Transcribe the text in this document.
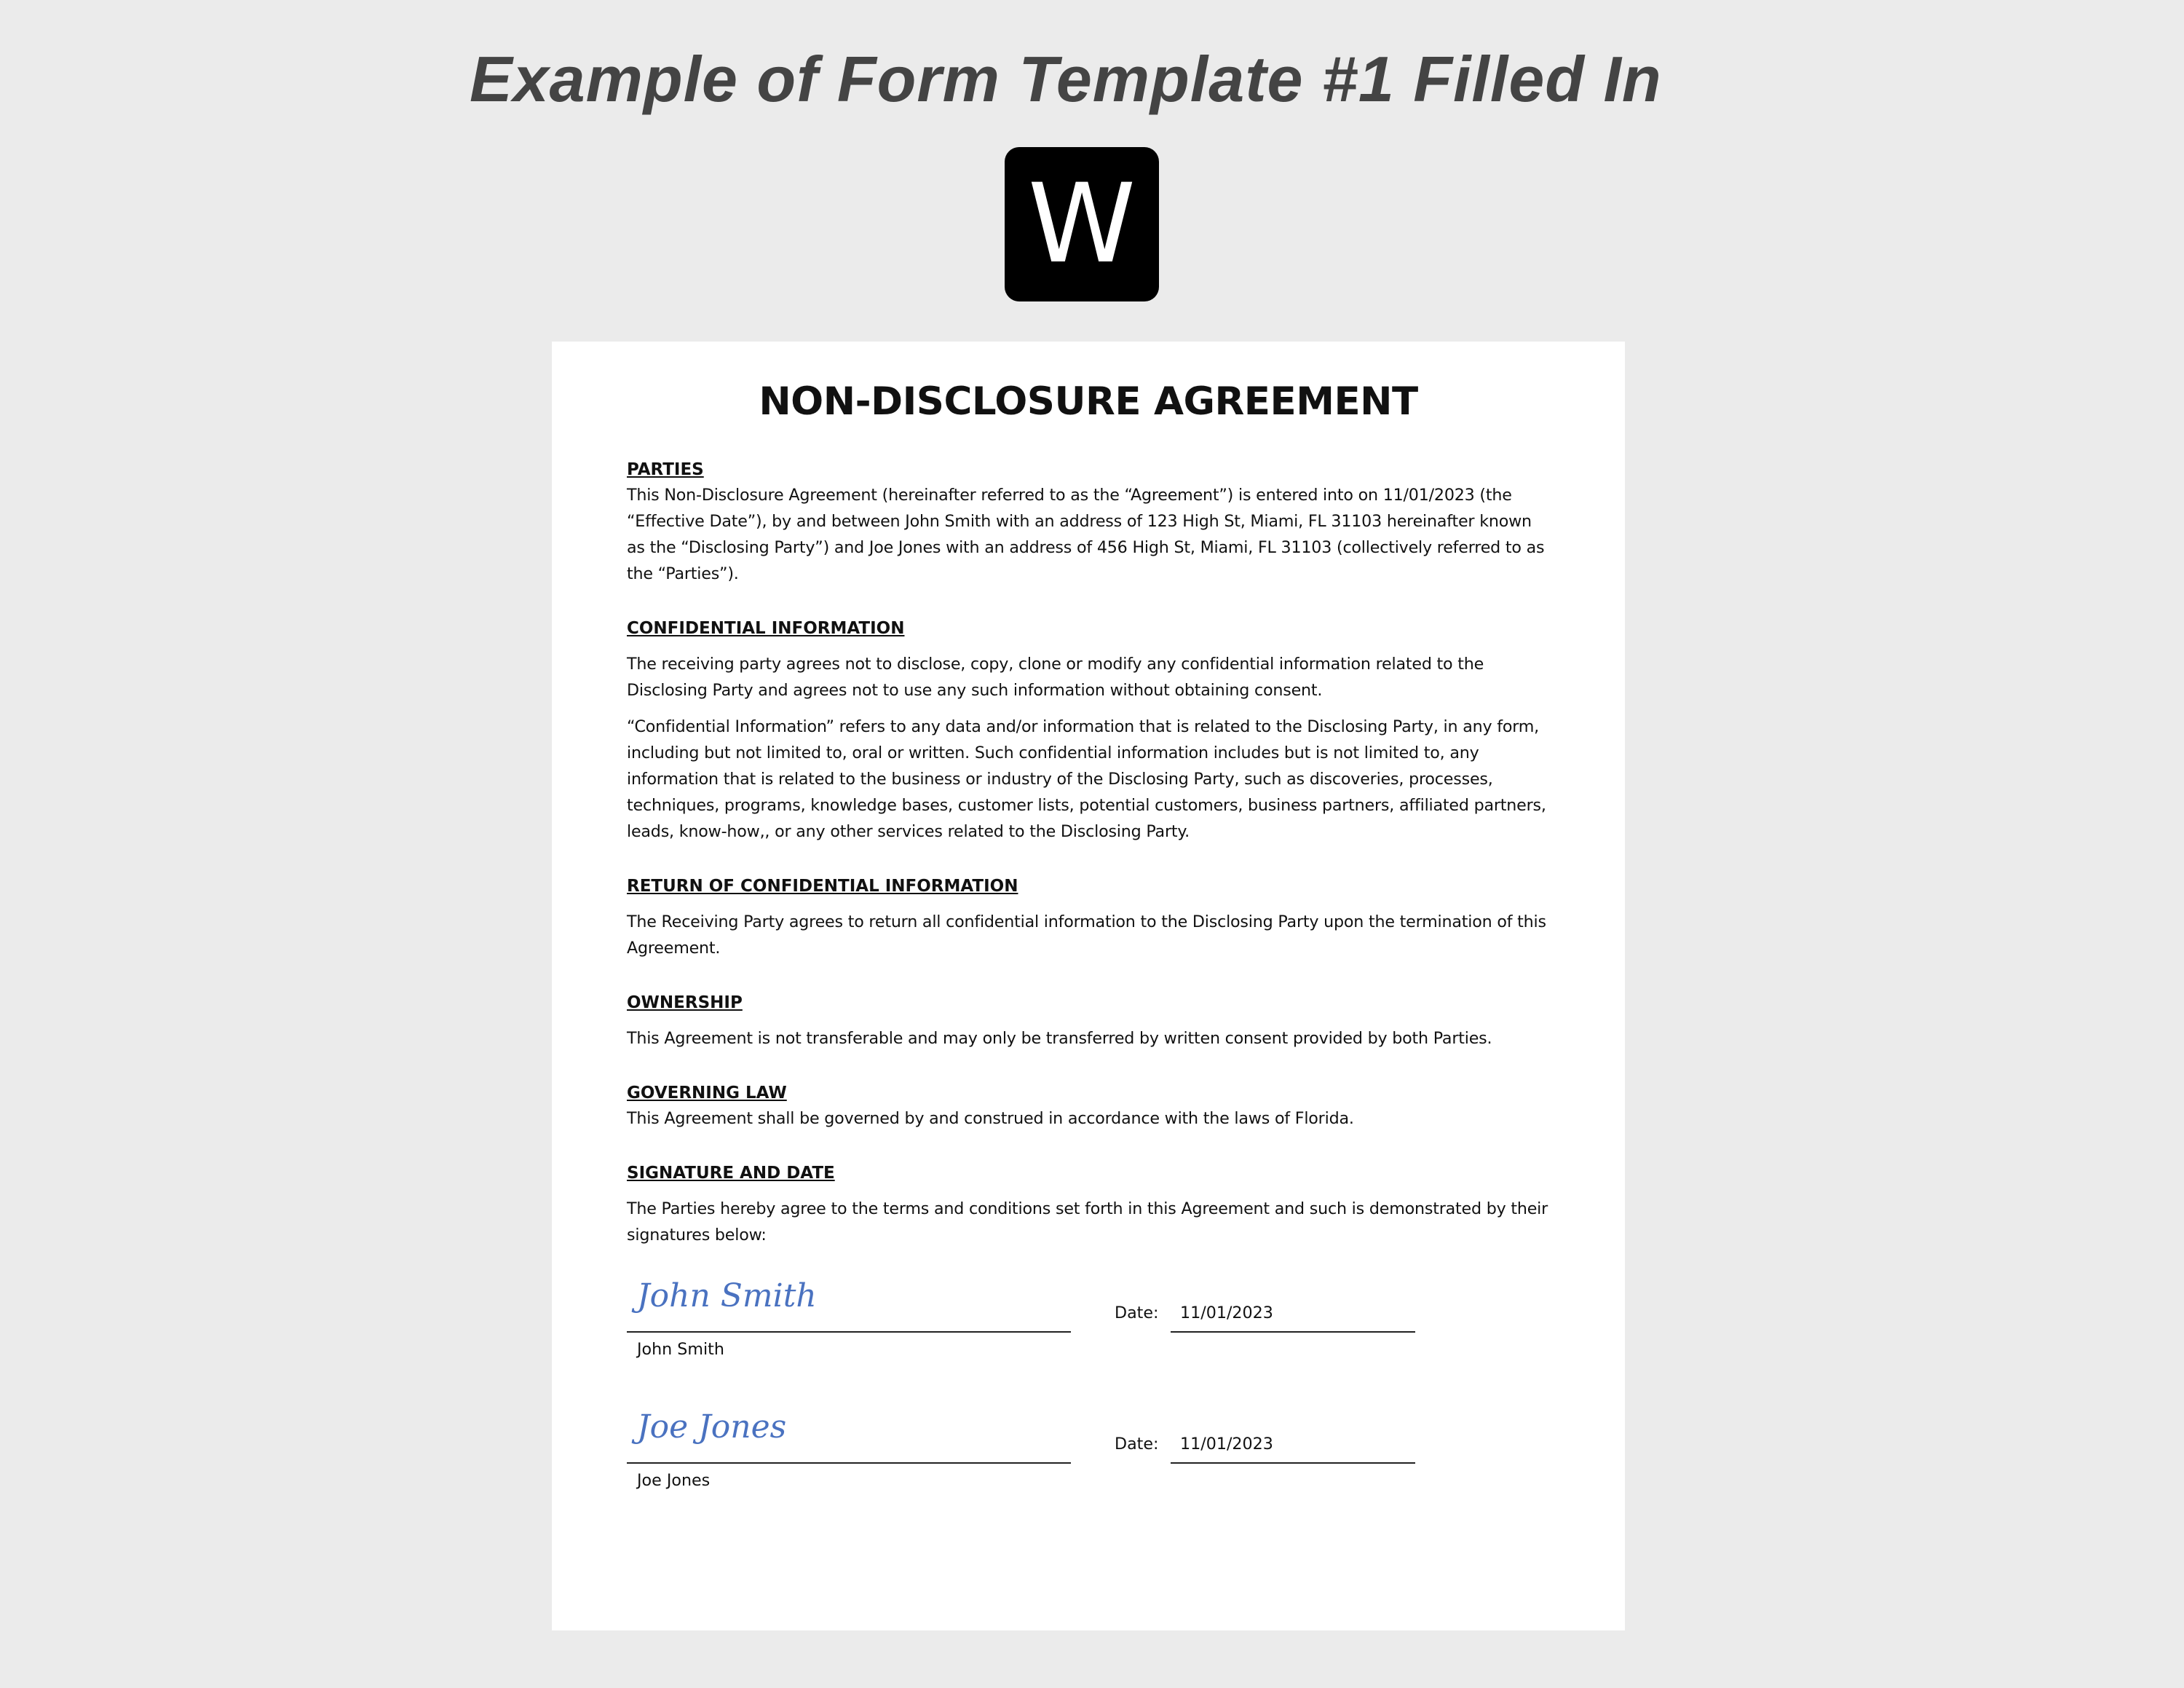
Example of Form Template #1 Filled In
W
NON-DISCLOSURE AGREEMENT
PARTIES

This Non-Disclosure Agreement (hereinafter referred to as the “Agreement”) is entered into on 11/01/2023 (the “Effective Date”), by and between John Smith with an address of 123 High St, Miami, FL 31103 hereinafter known as the “Disclosing Party”) and Joe Jones with an address of 456 High St, Miami, FL 31103 (collectively referred to as the “Parties”).

CONFIDENTIAL INFORMATION

The receiving party agrees not to disclose, copy, clone or modify any confidential information related to the Disclosing Party and agrees not to use any such information without obtaining consent.

“Confidential Information” refers to any data and/or information that is related to the Disclosing Party, in any form, including but not limited to, oral or written. Such confidential information includes but is not limited to, any information that is related to the business or industry of the Disclosing Party, such as discoveries, processes, techniques, programs, knowledge bases, customer lists, potential customers, business partners, affiliated partners, leads, know-how,, or any other services related to the Disclosing Party.

RETURN OF CONFIDENTIAL INFORMATION

The Receiving Party agrees to return all confidential information to the Disclosing Party upon the termination of this Agreement.

OWNERSHIP

This Agreement is not transferable and may only be transferred by written consent provided by both Parties.

GOVERNING LAW

This Agreement shall be governed by and construed in accordance with the laws of Florida.

SIGNATURE AND DATE

The Parties hereby agree to the terms and conditions set forth in this Agreement and such is demonstrated by their signatures below:

John Smith
John Smith
Date: 11/01/2023
Joe Jones
Joe Jones
Date: 11/01/2023
